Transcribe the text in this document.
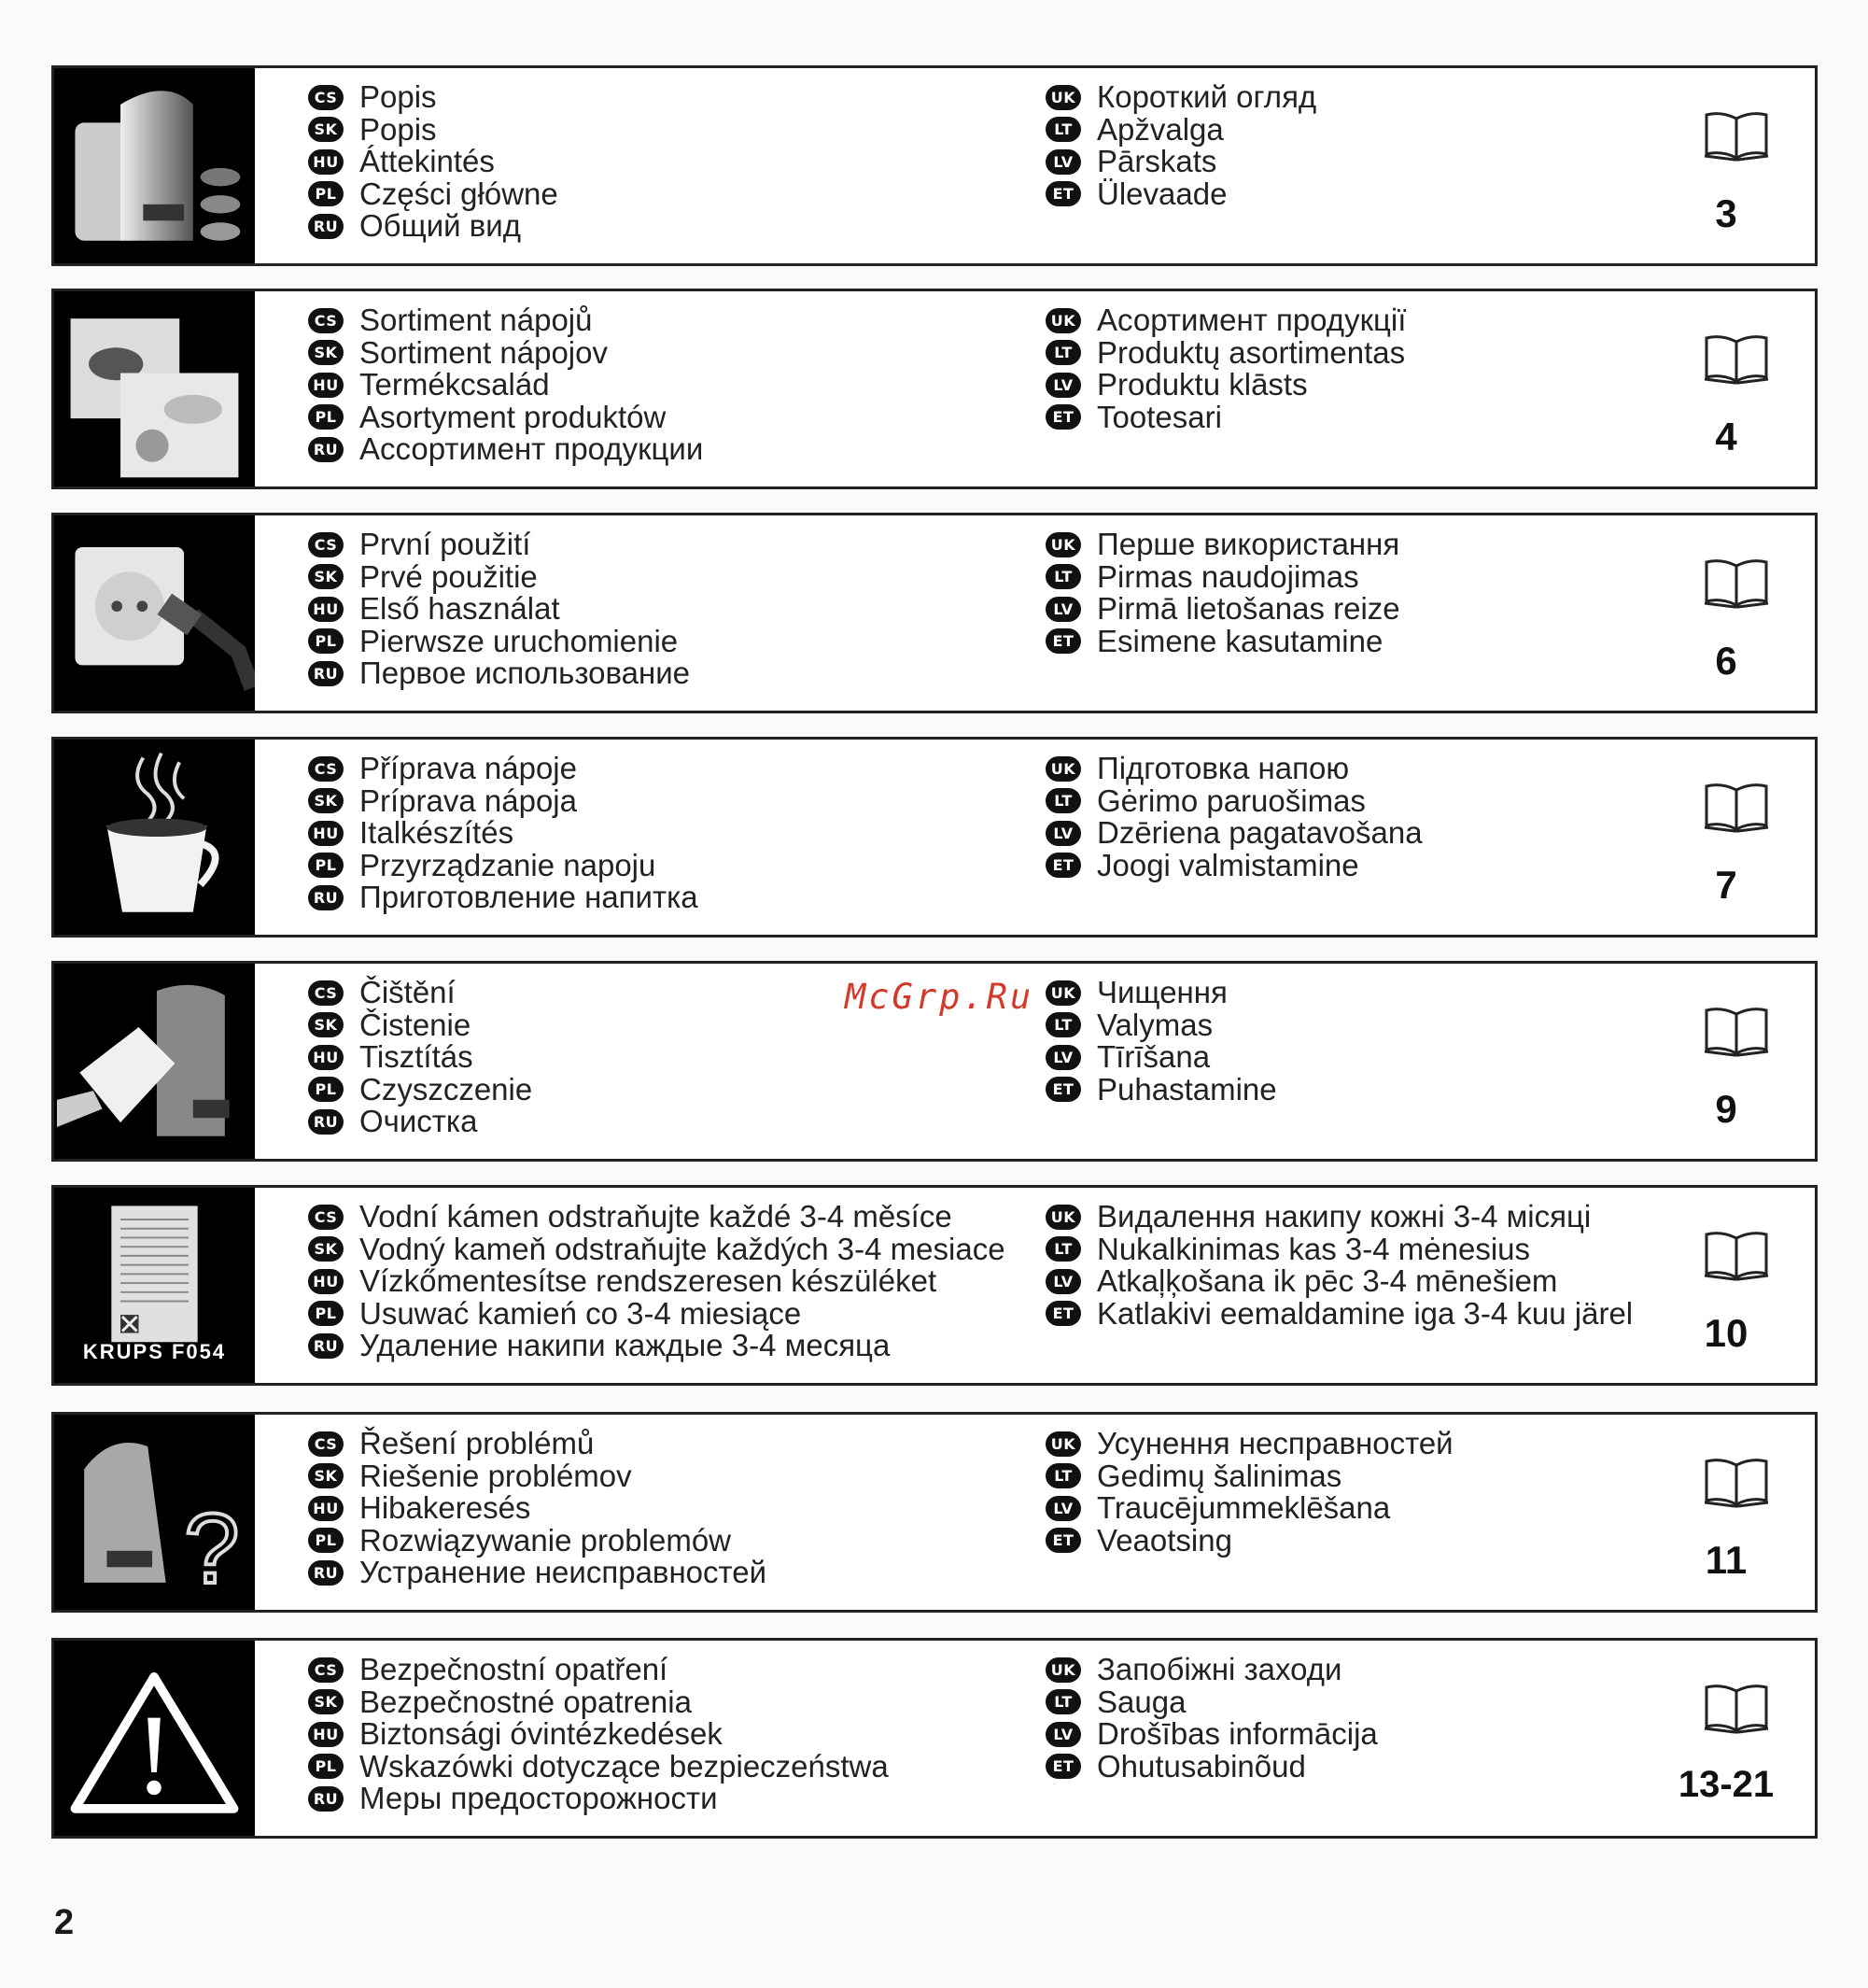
CS Popis
SK Popis
HU Áttekintés
PL Części główne
RU Общий вид
UK Короткий огляд
LT Apžvalga
LV Pārskats
ET Ülevaade	3
CS Sortiment nápojů
SK Sortiment nápojov
HU Termékcsalád
PL Asortyment produktów
RU Ассортимент продукции
UK Асортимент продукції
LT Produktų asortimentas
LV Produktu klāsts
ET Tootesari	4
CS První použití
SK Prvé použitie
HU Első használat
PL Pierwsze uruchomienie
RU Первое использование
UK Перше використання
LT Pirmas naudojimas
LV Pirmā lietošanas reize
ET Esimene kasutamine	6
CS Příprava nápoje
SK Príprava nápoja
HU Italkészítés
PL Przyrządzanie napoju
RU Приготовление напитка
UK Підготовка напою
LT Gėrimo paruošimas
LV Dzēriena pagatavošana
ET Joogi valmistamine	7
CS Čištění
SK Čistenie
HU Tisztítás
PL Czyszczenie
RU Очистка
UK Чищення
LT Valymas
LV Tīrīšana
ET Puhastamine	9
KRUPS F054
CS Vodní kámen odstraňujte každé 3-4 měsíce
SK Vodný kameň odstraňujte každých 3-4 mesiace
HU Vízkőmentesítse rendszeresen készüléket
PL Usuwać kamień co 3-4 miesiące
RU Удаление накипи каждые 3-4 месяца
UK Видалення накипу кожні 3-4 місяці
LT Nukalkinimas kas 3-4 mėnesius
LV Atkaļķošana ik pēc 3-4 mēnešiem
ET Katlakivi eemaldamine iga 3-4 kuu järel	10
?
CS Řešení problémů
SK Riešenie problémov
HU Hibakeresés
PL Rozwiązywanie problemów
RU Устранение неисправностей
UK Усунення несправностей
LT Gedimų šalinimas
LV Traucējummeklēšana
ET Veaotsing	11
CS Bezpečnostní opatření
SK Bezpečnostné opatrenia
HU Biztonsági óvintézkedések
PL Wskazówki dotyczące bezpieczeństwa
RU Меры предосторожности
UK Запобіжні заходи
LT Sauga
LV Drošības informācija
ET Ohutusabinõud	13-21
McGrp.Ru
2
